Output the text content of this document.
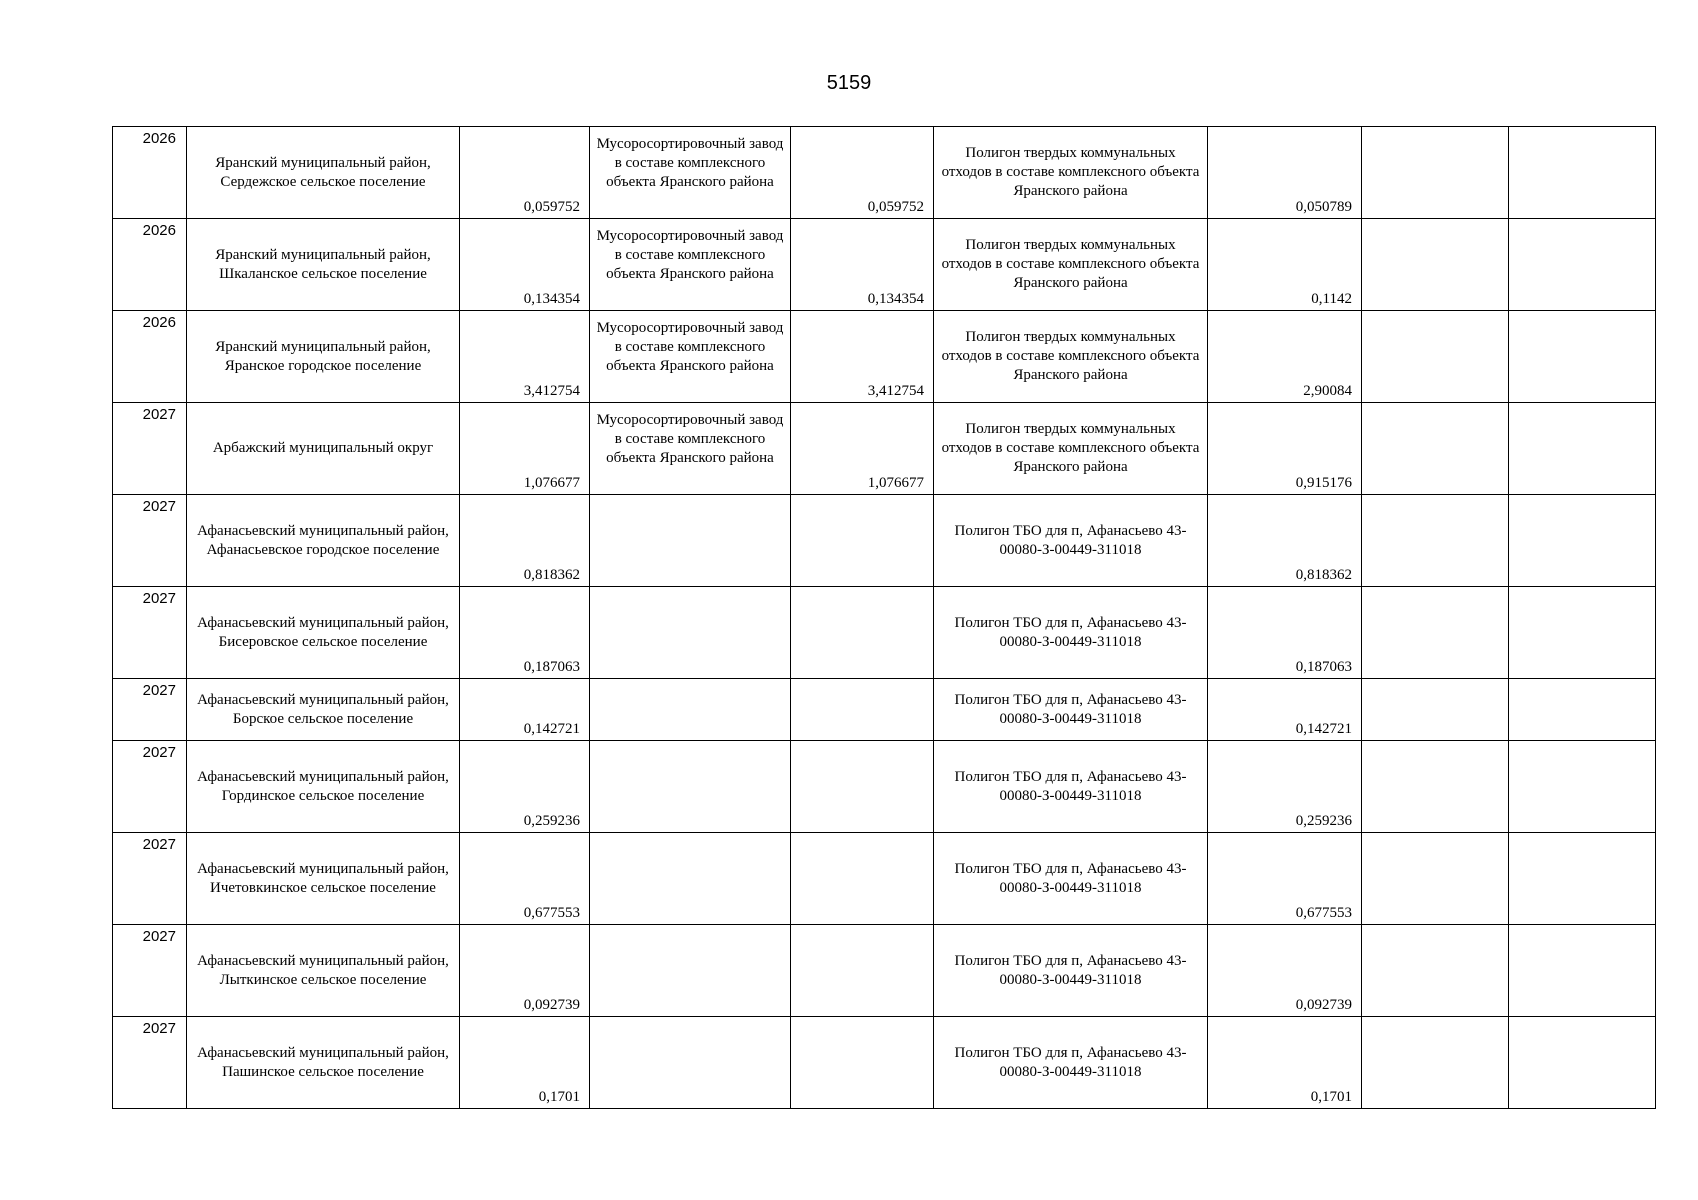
5159
2026	Яранский муниципальный район, Сердежское сельское поселение	0,059752	Мусоросортировочный завод в составе комплексного объекта Яранского района	0,059752	Полигон твердых коммунальных отходов в составе комплексного объекта Яранского района	0,050789		
2026	Яранский муниципальный район, Шкаланское сельское поселение	0,134354	Мусоросортировочный завод в составе комплексного объекта Яранского района	0,134354	Полигон твердых коммунальных отходов в составе комплексного объекта Яранского района	0,1142		
2026	Яранский муниципальный район, Яранское городское поселение	3,412754	Мусоросортировочный завод в составе комплексного объекта Яранского района	3,412754	Полигон твердых коммунальных отходов в составе комплексного объекта Яранского района	2,90084		
2027	Арбажский муниципальный округ	1,076677	Мусоросортировочный завод в составе комплексного объекта Яранского района	1,076677	Полигон твердых коммунальных отходов в составе комплексного объекта Яранского района	0,915176		
2027	Афанасьевский муниципальный район, Афанасьевское городское поселение	0,818362			Полигон ТБО для п, Афанасьево 43-00080-З-00449-311018	0,818362		
2027	Афанасьевский муниципальный район, Бисеровское сельское поселение	0,187063			Полигон ТБО для п, Афанасьево 43-00080-З-00449-311018	0,187063		
2027	Афанасьевский муниципальный район, Борское сельское поселение	0,142721			Полигон ТБО для п, Афанасьево 43-00080-З-00449-311018	0,142721		
2027	Афанасьевский муниципальный район, Гординское сельское поселение	0,259236			Полигон ТБО для п, Афанасьево 43-00080-З-00449-311018	0,259236		
2027	Афанасьевский муниципальный район, Ичетовкинское сельское поселение	0,677553			Полигон ТБО для п, Афанасьево 43-00080-З-00449-311018	0,677553		
2027	Афанасьевский муниципальный район, Лыткинское сельское поселение	0,092739			Полигон ТБО для п, Афанасьево 43-00080-З-00449-311018	0,092739		
2027	Афанасьевский муниципальный район, Пашинское сельское поселение	0,1701			Полигон ТБО для п, Афанасьево 43-00080-З-00449-311018	0,1701		
